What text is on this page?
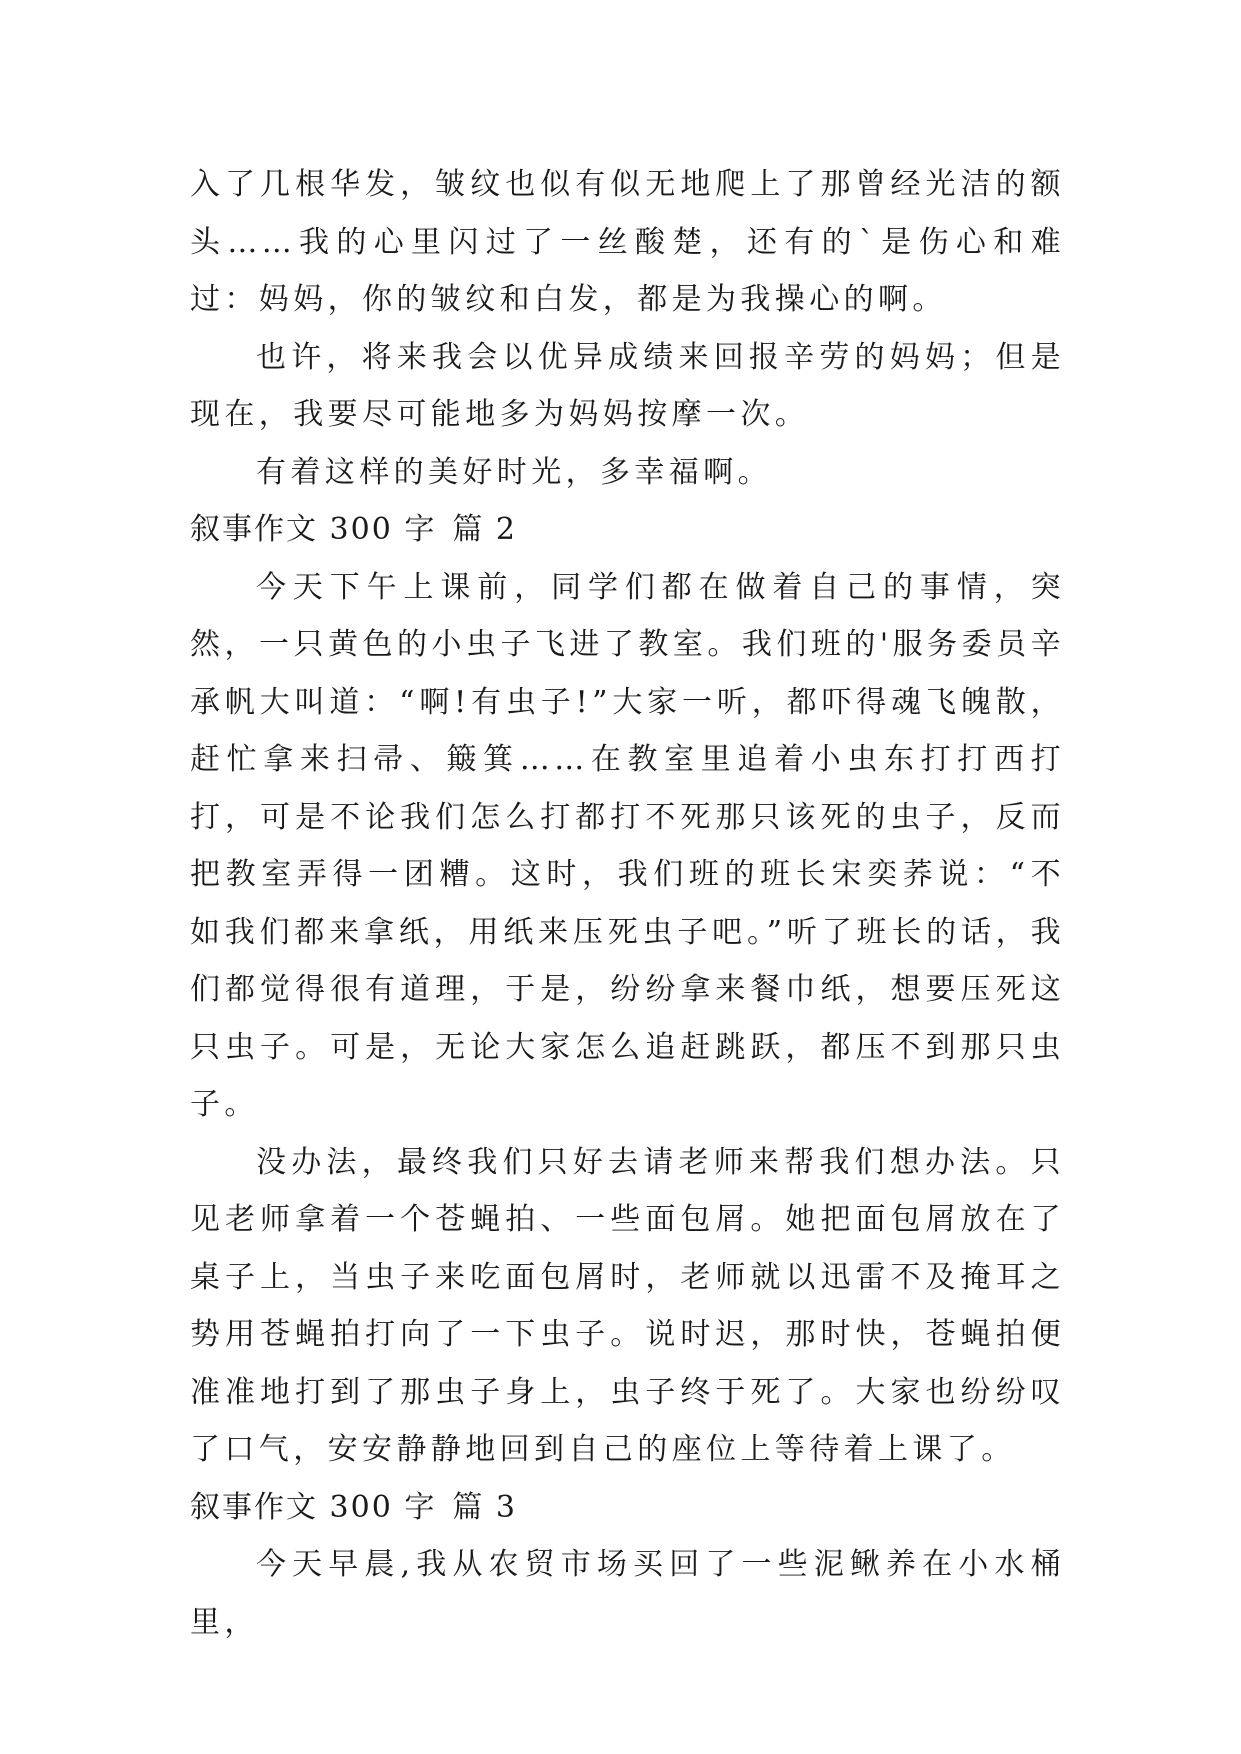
入了几根华发，皱纹也似有似无地爬上了那曾经光洁的额头……我的心里闪过了一丝酸楚，还有的`是伤心和难过：妈妈，你的皱纹和白发，都是为我操心的啊。

也许，将来我会以优异成绩来回报辛劳的妈妈；但是现在，我要尽可能地多为妈妈按摩一次。

有着这样的美好时光，多幸福啊。

叙事作文 300 字 篇 2

今天下午上课前，同学们都在做着自己的事情，突然，一只黄色的小虫子飞进了教室。我们班的'服务委员辛承帆大叫道：“啊!有虫子!”大家一听，都吓得魂飞魄散，赶忙拿来扫帚、簸箕……在教室里追着小虫东打打西打打，可是不论我们怎么打都打不死那只该死的虫子，反而把教室弄得一团糟。这时，我们班的班长宋奕荞说：“不如我们都来拿纸，用纸来压死虫子吧。”听了班长的话，我们都觉得很有道理，于是，纷纷拿来餐巾纸，想要压死这只虫子。可是，无论大家怎么追赶跳跃，都压不到那只虫子。

没办法，最终我们只好去请老师来帮我们想办法。只见老师拿着一个苍蝇拍、一些面包屑。她把面包屑放在了桌子上，当虫子来吃面包屑时，老师就以迅雷不及掩耳之势用苍蝇拍打向了一下虫子。说时迟，那时快，苍蝇拍便准准地打到了那虫子身上，虫子终于死了。大家也纷纷叹了口气，安安静静地回到自己的座位上等待着上课了。

叙事作文 300 字 篇 3

今天早晨,我从农贸市场买回了一些泥鳅养在小水桶里，
